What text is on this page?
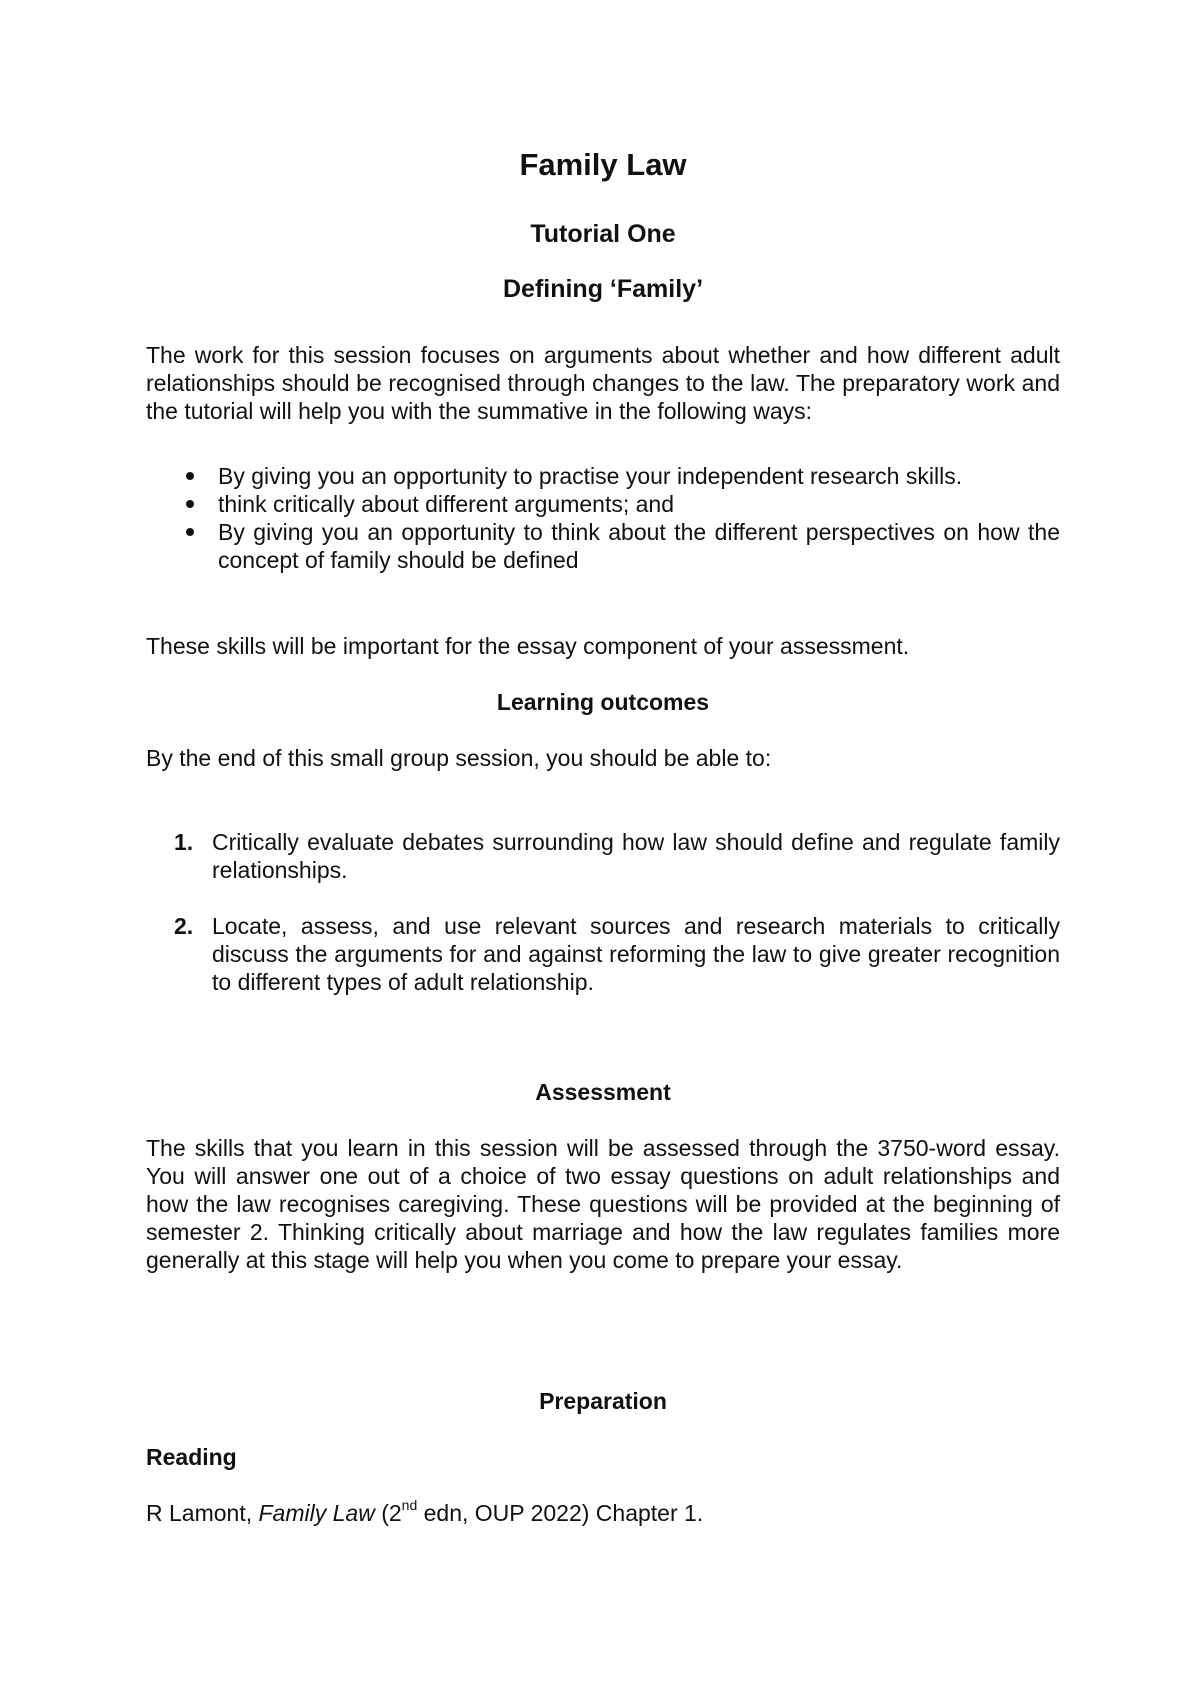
Family Law
Tutorial One
Defining ‘Family’
The work for this session focuses on arguments about whether and how different adult relationships should be recognised through changes to the law. The preparatory work and the tutorial will help you with the summative in the following ways:
By giving you an opportunity to practise your independent research skills.
think critically about different arguments; and
By giving you an opportunity to think about the different perspectives on how the concept of family should be defined
These skills will be important for the essay component of your assessment.
Learning outcomes
By the end of this small group session, you should be able to:
1. Critically evaluate debates surrounding how law should define and regulate family relationships.
2. Locate, assess, and use relevant sources and research materials to critically discuss the arguments for and against reforming the law to give greater recognition to different types of adult relationship.
Assessment
The skills that you learn in this session will be assessed through the 3750-word essay. You will answer one out of a choice of two essay questions on adult relationships and how the law recognises caregiving. These questions will be provided at the beginning of semester 2. Thinking critically about marriage and how the law regulates families more generally at this stage will help you when you come to prepare your essay.
Preparation
Reading
R Lamont, Family Law (2nd edn, OUP 2022) Chapter 1.
